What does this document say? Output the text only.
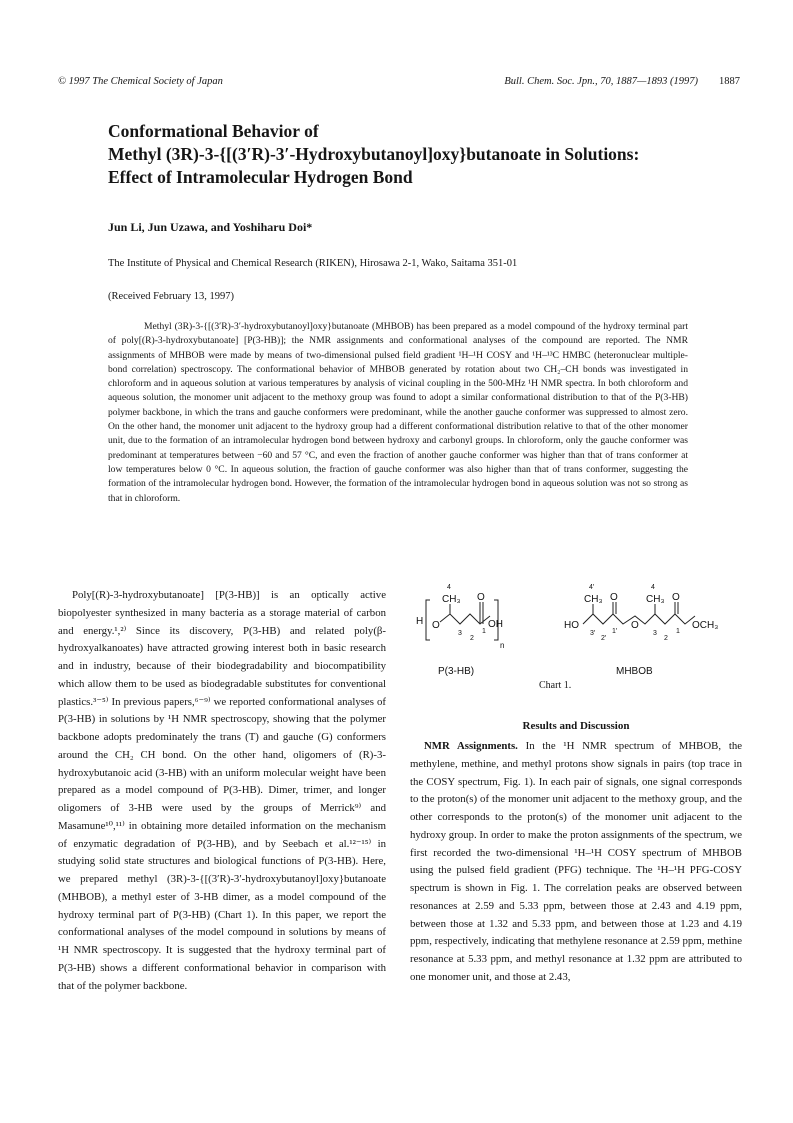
© 1997 The Chemical Society of Japan	Bull. Chem. Soc. Jpn., 70, 1887—1893 (1997) 1887
Conformational Behavior of
Methyl (3R)-3-{[(3′R)-3′-Hydroxybutanoyl]oxy}butanoate in Solutions:
Effect of Intramolecular Hydrogen Bond
Jun Li, Jun Uzawa, and Yoshiharu Doi*
The Institute of Physical and Chemical Research (RIKEN), Hirosawa 2-1, Wako, Saitama 351-01
(Received February 13, 1997)

Methyl (3R)-3-{[(3′R)-3′-hydroxybutanoyl]oxy}butanoate (MHBOB) has been prepared as a model compound of the hydroxy terminal part of poly[(R)-3-hydroxybutanoate] [P(3-HB)]; the NMR assignments and conformational analyses of the compound are reported. The NMR assignments of MHBOB were made by means of two-dimensional pulsed field gradient ¹H–¹H COSY and ¹H–¹³C HMBC (heteronuclear multiple-bond correlation) spectroscopy. The conformational behavior of MHBOB generated by rotation about two CH₂–CH bonds was investigated in chloroform and in aqueous solution at various temperatures by analysis of vicinal coupling in the 500-MHz ¹H NMR spectra. In both chloroform and aqueous solution, the monomer unit adjacent to the methoxy group was found to adopt a similar conformational distribution to that of the P(3-HB) polymer backbone, in which the trans and gauche conformers were predominant, while the another gauche conformer was suppressed to almost zero. On the other hand, the monomer unit adjacent to the hydroxy group had a different conformational distribution relative to that of the other monomer unit, due to the formation of an intramolecular hydrogen bond between hydroxy and carbonyl groups. In chloroform, only the gauche conformer was predominant at temperatures between −60 and 57 °C, and even the fraction of another gauche conformer was higher than that of trans conformer at low temperatures below 0 °C. In aqueous solution, the fraction of gauche conformer was also higher than that of trans conformer, suggesting the formation of the intramolecular hydrogen bond. However, the formation of the intramolecular hydrogen bond in aqueous solution was not so strong as that in chloroform.

Poly[(R)-3-hydroxybutanoate] [P(3-HB)] is an optically active biopolyester synthesized in many bacteria as a storage material of carbon and energy.¹,²⁾ Since its discovery, P(3-HB) and related poly(β-hydroxyalkanoates) have attracted growing interest both in basic research and in industry, because of their biodegradability and biocompatibility which allow them to be used as biodegradable substitutes for conventional plastics.³⁻⁵⁾ In previous papers,⁶⁻⁹⁾ we reported conformational analyses of P(3-HB) in solutions by ¹H NMR spectroscopy, showing that the polymer backbone adopts predominately the trans (T) and gauche (G) conformers around the CH₂ CH bond. On the other hand, oligomers of (R)-3-hydroxybutanoic acid (3-HB) with an uniform molecular weight have been prepared as a model compound of P(3-HB). Dimer, trimer, and longer oligomers of 3-HB were used by the groups of Merrick⁹⁾ and Masamune¹⁰,¹¹⁾ in obtaining more detailed information on the mechanism of enzymatic degradation of P(3-HB), and by Seebach et al.¹²⁻¹⁵⁾ in studying solid state structures and biological functions of P(3-HB). Here, we prepared methyl (3R)-3-{[(3′R)-3′-hydroxybutanoyl]oxy}butanoate (MHBOB), a methyl ester of 3-HB dimer, as a model compound of the hydroxy terminal part of P(3-HB) (Chart 1). In this paper, we report the conformational analyses of the model compound in solutions by means of ¹H NMR spectroscopy. It is suggested that the hydroxy terminal part of P(3-HB) shows a different conformational behavior in comparison with that of the polymer backbone.

4
CH₃ O
H O
3
2
1
OH
n
P(3-HB)
4′
CH₃ O
4
CH₃ O
HO
3′
2′
1′
O
3
2
1
OCH₃
MHBOB
Chart 1.
Results and Discussion

NMR Assignments. In the ¹H NMR spectrum of MHBOB, the methylene, methine, and methyl protons show signals in pairs (top trace in the COSY spectrum, Fig. 1). In each pair of signals, one signal corresponds to the proton(s) of the monomer unit adjacent to the methoxy group, and the other corresponds to the proton(s) of the monomer unit adjacent to the hydroxy group. In order to make the proton assignments of the spectrum, we first recorded the two-dimensional ¹H–¹H COSY spectrum of MHBOB using the pulsed field gradient (PFG) technique. The ¹H–¹H PFG-COSY spectrum is shown in Fig. 1. The correlation peaks are observed between resonances at 2.59 and 5.33 ppm, between those at 2.43 and 4.19 ppm, between those at 1.32 and 5.33 ppm, and between those at 1.23 and 4.19 ppm, respectively, indicating that methylene resonance at 2.59 ppm, methine resonance at 5.33 ppm, and methyl resonance at 1.32 ppm are attributed to one monomer unit, and those at 2.43,
